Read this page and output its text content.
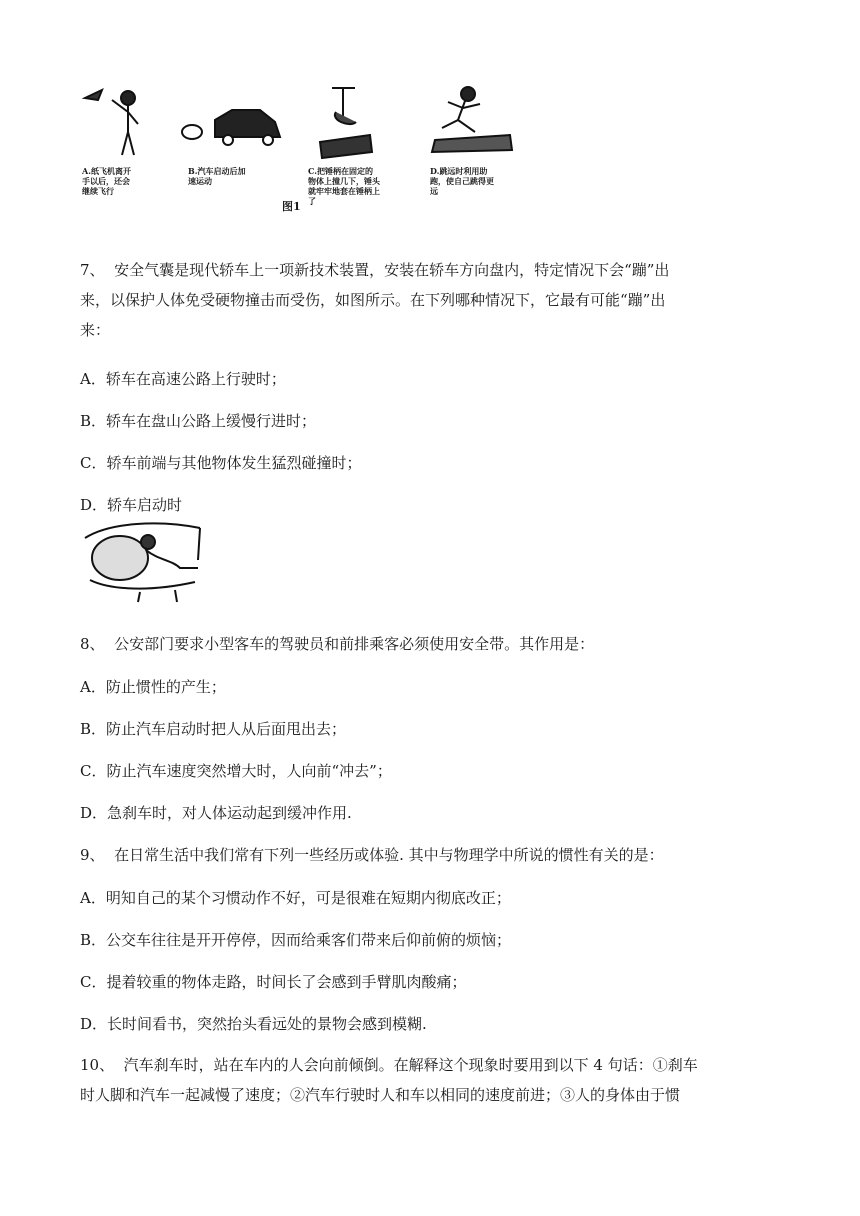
A.纸飞机离开手以后，还会继续飞行
B.汽车启动后加速运动
C.把锤柄在固定的物体上撞几下，锤头就牢牢地套在锤柄上了
D.跳远时利用助跑，使自己跳得更远
图1
7、 安全气囊是现代轿车上一项新技术装置，安装在轿车方向盘内，特定情况下会“蹦”出
来，以保护人体免受硬物撞击而受伤，如图所示。在下列哪种情况下，它最有可能“蹦”出
来：
A．轿车在高速公路上行驶时；
B．轿车在盘山公路上缓慢行进时；
C．轿车前端与其他物体发生猛烈碰撞时；
D．轿车启动时
8、 公安部门要求小型客车的驾驶员和前排乘客必须使用安全带。其作用是：
A．防止惯性的产生；
B．防止汽车启动时把人从后面甩出去；
C．防止汽车速度突然增大时，人向前“冲去”；
D．急刹车时，对人体运动起到缓冲作用.
9、 在日常生活中我们常有下列一些经历或体验. 其中与物理学中所说的惯性有关的是：
A．明知自己的某个习惯动作不好，可是很难在短期内彻底改正；
B．公交车往往是开开停停，因而给乘客们带来后仰前俯的烦恼；
C．提着较重的物体走路，时间长了会感到手臂肌肉酸痛；
D．长时间看书，突然抬头看远处的景物会感到模糊.
10、 汽车刹车时，站在车内的人会向前倾倒。在解释这个现象时要用到以下 4 句话：①刹车
时人脚和汽车一起减慢了速度；②汽车行驶时人和车以相同的速度前进；③人的身体由于惯
